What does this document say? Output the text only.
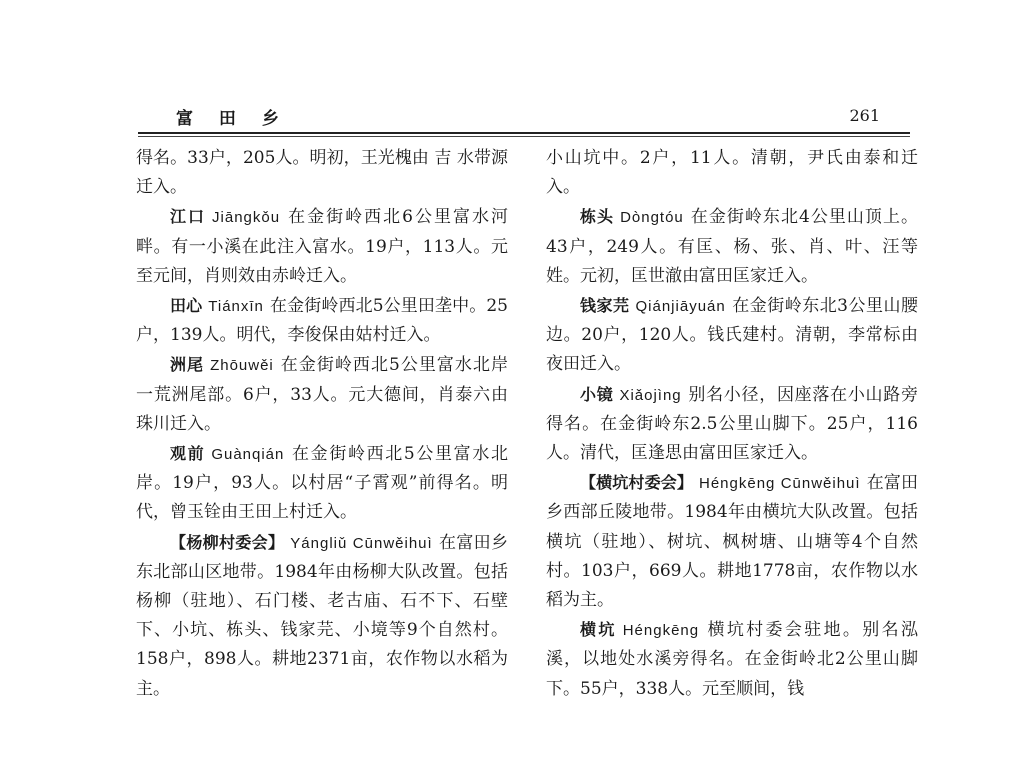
富 田 乡	261

得名。33户，205人。明初，王光槐由 吉 水带源迁入。

江口 Jiāngkǒu 在金街岭西北6公里富水河畔。有一小溪在此注入富水。19户，113人。元至元间，肖则效由赤岭迁入。

田心 Tiánxīn 在金街岭西北5公里田垄中。25户，139人。明代，李俊保由姑村迁入。

洲尾 Zhōuwěi 在金街岭西北5公里富水北岸一荒洲尾部。6户，33人。元大德间，肖泰六由珠川迁入。

观前 Guànqián 在金街岭西北5公里富水北岸。19户，93人。以村居“子霄观”前得名。明代，曾玉铨由王田上村迁入。

【杨柳村委会】 Yángliǔ Cūnwěihuì 在富田乡东北部山区地带。1984年由杨柳大队改置。包括杨柳（驻地）、石门楼、老古庙、石不下、石壁下、小坑、栋头、钱家芫、小境等9个自然村。158户，898人。耕地2371亩，农作物以水稻为主。

小山坑中。2户，11人。清朝，尹氏由泰和迁入。

栋头 Dòngtóu 在金街岭东北4公里山顶上。43户，249人。有匡、杨、张、肖、叶、汪等姓。元初，匡世澈由富田匡家迁入。

钱家芫 Qiánjiāyuán 在金街岭东北3公里山腰边。20户，120人。钱氏建村。清朝，李常标由夜田迁入。

小镜 Xiǎojìng 别名小径，因座落在小山路旁得名。在金街岭东2.5公里山脚下。25户，116人。清代，匡逢思由富田匡家迁入。

【横坑村委会】 Héngkēng Cūnwěihuì 在富田乡西部丘陵地带。1984年由横坑大队改置。包括横坑（驻地）、树坑、枫树塘、山塘等4个自然村。103户，669人。耕地1778亩，农作物以水稻为主。

横坑 Héngkēng 横坑村委会驻地。别名泓溪，以地处水溪旁得名。在金街岭北2公里山脚下。55户，338人。元至顺间，钱
